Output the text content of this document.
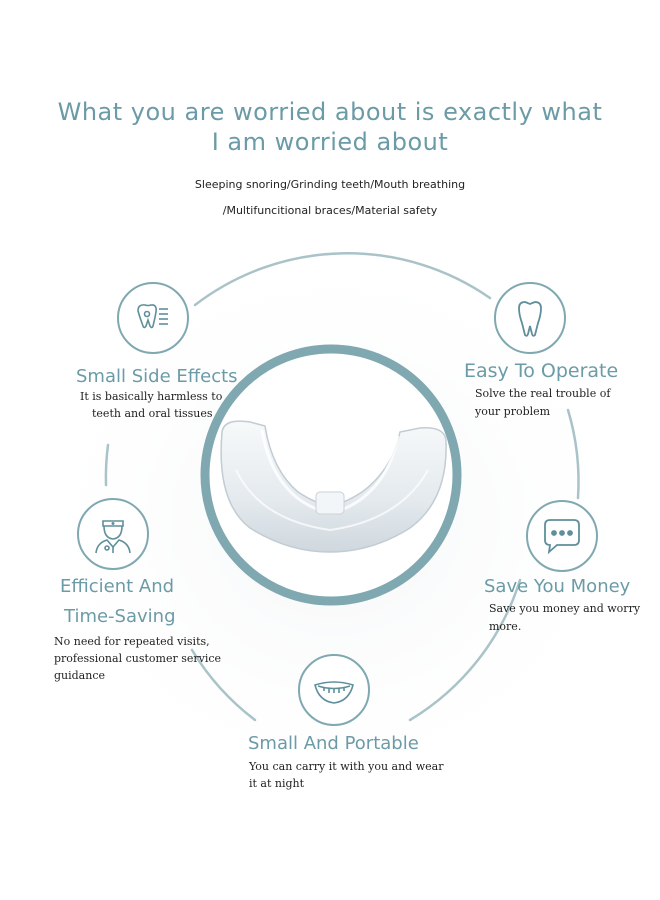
What you are worried about is exactly what
I am worried about
Sleeping snoring/Grinding teeth/Mouth breathing
/Multifuncitional braces/Material safety
Small Side Effects
It is basically harmless to
teeth and oral tissues
Easy To Operate
Solve the real trouble of
your problem
Efficient And
Time-Saving
No need for repeated visits,
professional customer service
guidance
Save You Money
Save you money and worry
more.
Small And Portable
You can carry it with you and wear
it at night
